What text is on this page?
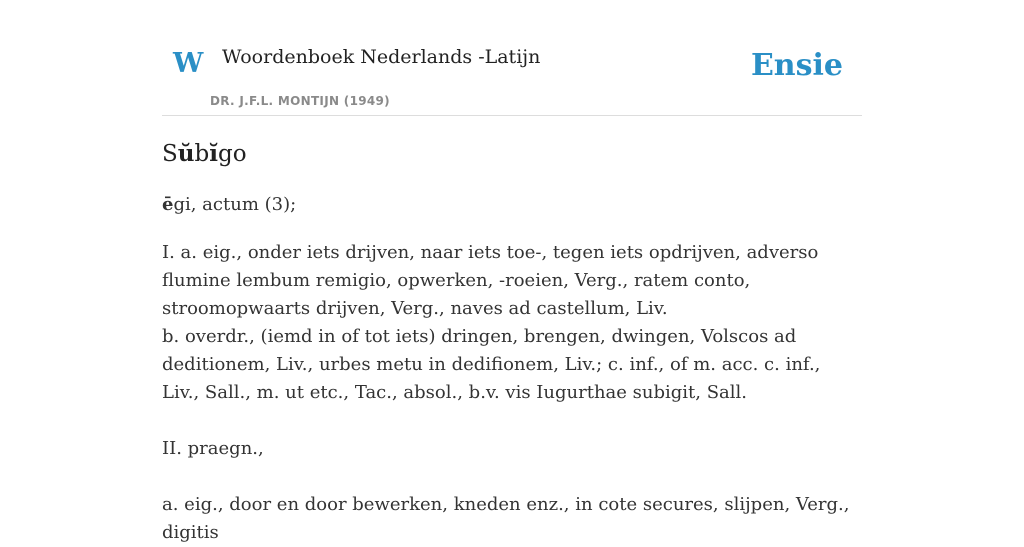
W Woordenboek Nederlands -Latijn
DR. J.F.L. MONTIJN (1949)
Ensie
Sŭbĭgo
ēgi, actum (3);

I. a. eig., onder iets drijven, naar iets toe-, tegen iets opdrijven, adverso flumine lembum remigio, opwerken, -roeien, Verg., ratem conto, stroomopwaarts drijven, Verg., naves ad castellum, Liv.

b. overdr., (iemd in of tot iets) dringen, brengen, dwingen, Volscos ad deditionem, Liv., urbes metu in dedifionem, Liv.; c. inf., of m. acc. c. inf., Liv., Sall., m. ut etc., Tac., absol., b.v. vis Iugurthae subigit, Sall.

II. praegn.,

a. eig., door en door bewerken, kneden enz., in cote secures, slijpen, Verg., digitis
